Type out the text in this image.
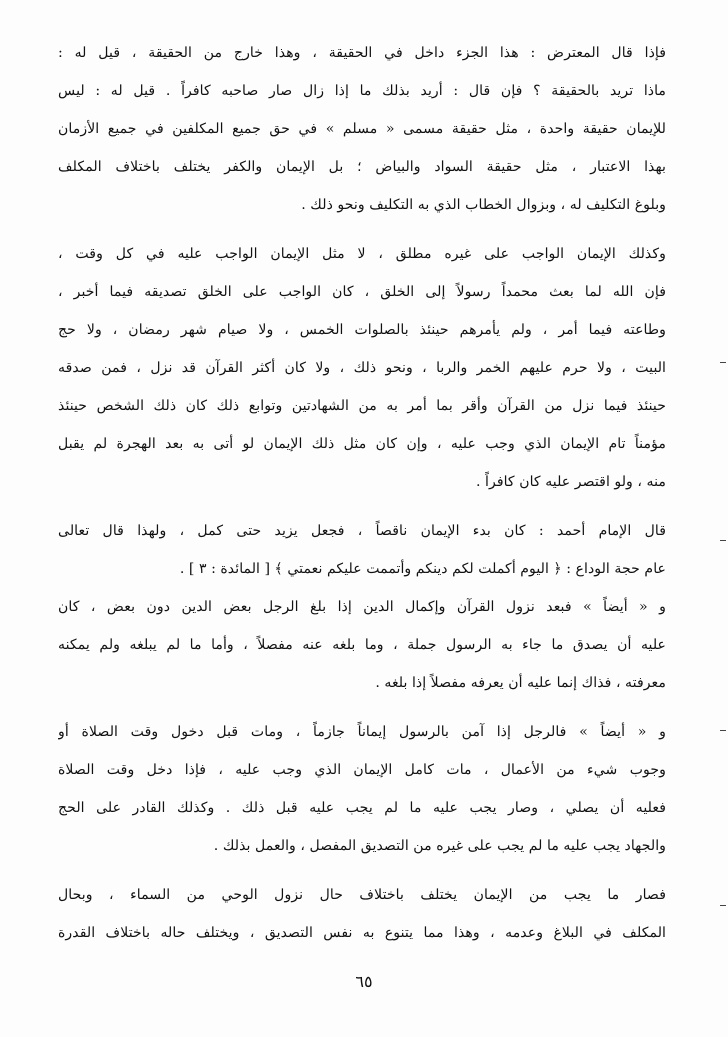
فإذا قال المعترض : هذا الجزء داخل في الحقيقة ، وهذا خارج من الحقيقة ، قيل له :
ماذا تريد بالحقيقة ؟ فإن قال : أريد بذلك ما إذا زال صار صاحبه كافراً . قيل له : ليس
للإيمان حقيقة واحدة ، مثل حقيقة مسمى « مسلم » في حق جميع المكلفين في جميع الأزمان
بهذا الاعتبار ، مثل حقيقة السواد والبياض ؛ بل الإيمان والكفر يختلف باختلاف المكلف
وبلوغ التكليف له ، وبزوال الخطاب الذي به التكليف ونحو ذلك .
وكذلك الإيمان الواجب على غيره مطلق ، لا مثل الإيمان الواجب عليه في كل وقت ،
فإن الله لما بعث محمداً رسولاً إلى الخلق ، كان الواجب على الخلق تصديقه فيما أخبر ،
وطاعته فيما أمر ، ولم يأمرهم حينئذ بالصلوات الخمس ، ولا صيام شهر رمضان ، ولا حج
البيت ، ولا حرم عليهم الخمر والربا ، ونحو ذلك ، ولا كان أكثر القرآن قد نزل ، فمن صدقه
حينئذ فيما نزل من القرآن وأقر بما أمر به من الشهادتين وتوابع ذلك كان ذلك الشخص حينئذ
مؤمناً تام الإيمان الذي وجب عليه ، وإن كان مثل ذلك الإيمان لو أتى به بعد الهجرة لم يقبل
منه ، ولو اقتصر عليه كان كافراً .
قال الإمام أحمد : كان بدء الإيمان ناقصاً ، فجعل يزيد حتى كمل ، ولهذا قال تعالى
عام حجة الوداع : ﴿ اليوم أكملت لكم دينكم وأتممت عليكم نعمتي ﴾ [ المائدة : ٣ ] .
و « أيضاً » فبعد نزول القرآن وإكمال الدين إذا بلغ الرجل بعض الدين دون بعض ، كان
عليه أن يصدق ما جاء به الرسول جملة ، وما بلغه عنه مفصلاً ، وأما ما لم يبلغه ولم يمكنه
معرفته ، فذاك إنما عليه أن يعرفه مفصلاً إذا بلغه .
و « أيضاً » فالرجل إذا آمن بالرسول إيماناً جازماً ، ومات قبل دخول وقت الصلاة أو
وجوب شيء من الأعمال ، مات كامل الإيمان الذي وجب عليه ، فإذا دخل وقت الصلاة
فعليه أن يصلي ، وصار يجب عليه ما لم يجب عليه قبل ذلك . وكذلك القادر على الحج
والجهاد يجب عليه ما لم يجب على غيره من التصديق المفصل ، والعمل بذلك .
فصار ما يجب من الإيمان يختلف باختلاف حال نزول الوحي من السماء ، وبحال
المكلف في البلاغ وعدمه ، وهذا مما يتنوع به نفس التصديق ، ويختلف حاله باختلاف القدرة
٦٥
